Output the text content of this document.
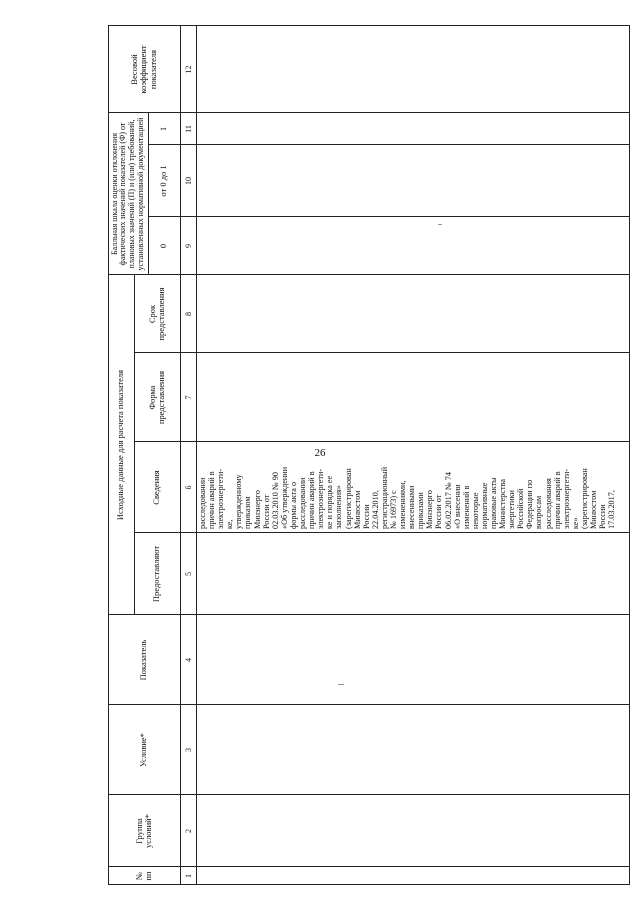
26
№
пп
Группа
условий*
Условие*
Показатель
Исходные данные для расчета показателя
Предоставляют
Сведения
Форма
представления
Срок
представления
Балльная шкала оценки отклонения фактических значений показателей (Ф) от плановых значений (П) и (или) требований, установленных нормативной документацией	0
от 0 до 1
1
Весовой
коэффициент
показателя
1
2
3
4
5
6
7
8
9
10
11
12
расследовании
причин аварий в
электроэнергети-
ке,
утвержденному
приказом
Минэнерго
России от
02.03.2010 № 90
«Об утверждении
формы акта о
расследовании
причин аварий в
электроэнергети-
ке и порядка ее
заполнения»
(зарегистрирован
Минюстом
России
22.04.2010,
регистрационный
№ 16973) с
изменениями,
внесенными
приказами
Минэнерго
России от
06.02.2017 № 74
«О внесении
изменений в
некоторые
нормативные
правовые акты
Министерства
энергетики
Российской
Федерации по
вопросам
расследования
причин аварий в
электроэнергети-
ке»
(зарегистрирован
Минюстом
России
17.03.2017,
